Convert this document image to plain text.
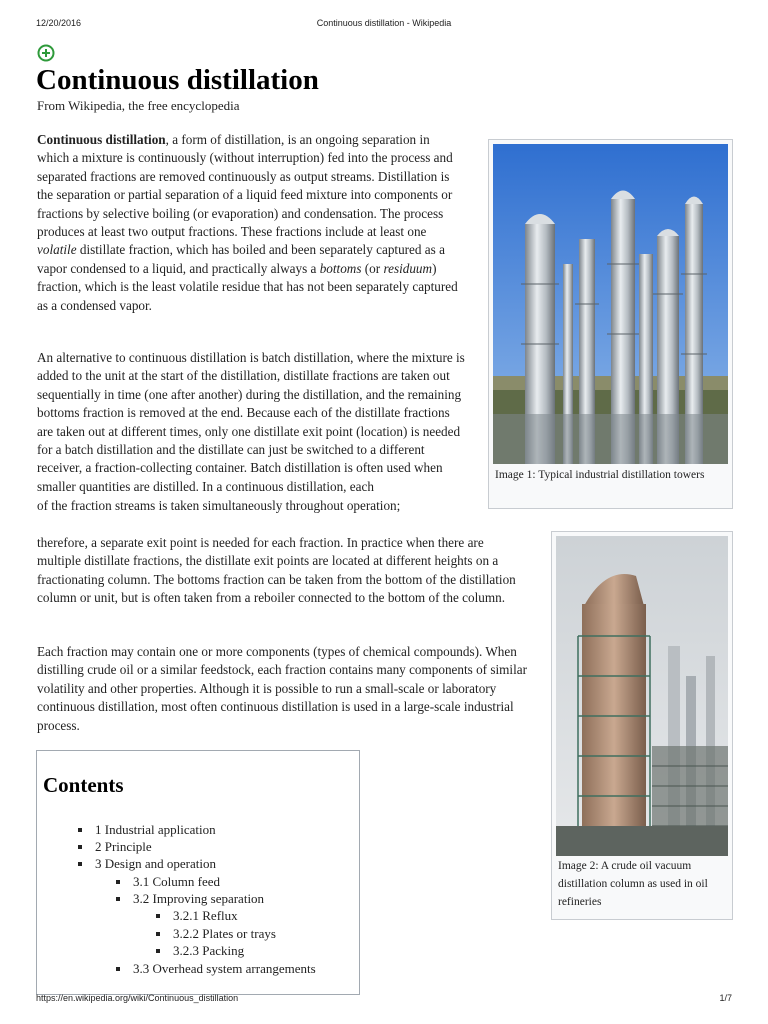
12/20/2016	Continuous distillation - Wikipedia
Continuous distillation
From Wikipedia, the free encyclopedia

Continuous distillation, a form of distillation, is an ongoing separation in which a mixture is continuously (without interruption) fed into the process and separated fractions are removed continuously as output streams. Distillation is the separation or partial separation of a liquid feed mixture into components or fractions by selective boiling (or evaporation) and condensation. The process produces at least two output fractions. These fractions include at least one volatile distillate fraction, which has boiled and been separately captured as a vapor condensed to a liquid, and practically always a bottoms (or residuum) fraction, which is the least volatile residue that has not been separately captured as a condensed vapor.

An alternative to continuous distillation is batch distillation, where the mixture is added to the unit at the start of the distillation, distillate fractions are taken out sequentially in time (one after another) during the distillation, and the remaining bottoms fraction is removed at the end. Because each of the distillate fractions are taken out at different times, only one distillate exit point (location) is needed for a batch distillation and the distillate can just be switched to a different receiver, a fraction-collecting container. Batch distillation is often used when smaller quantities are distilled. In a continuous distillation, each

of the fraction streams is taken simultaneously throughout operation;

therefore, a separate exit point is needed for each fraction. In practice when there are multiple distillate fractions, the distillate exit points are located at different heights on a fractionating column. The bottoms fraction can be taken from the bottom of the distillation column or unit, but is often taken from a reboiler connected to the bottom of the column.

Each fraction may contain one or more components (types of chemical compounds). When distilling crude oil or a similar feedstock, each fraction contains many components of similar volatility and other properties. Although it is possible to run a small-scale or laboratory continuous distillation, most often continuous distillation is used in a large-scale industrial process.

Image 1: Typical industrial distillation towers
Image 2: A crude oil vacuum distillation column as used in oil refineries
Contents
1 Industrial application
2 Principle
3 Design and operation
3.1 Column feed
3.2 Improving separation
3.2.1 Reflux
3.2.2 Plates or trays
3.2.3 Packing
3.3 Overhead system arrangements
https://en.wikipedia.org/wiki/Continuous_distillation	1/7
